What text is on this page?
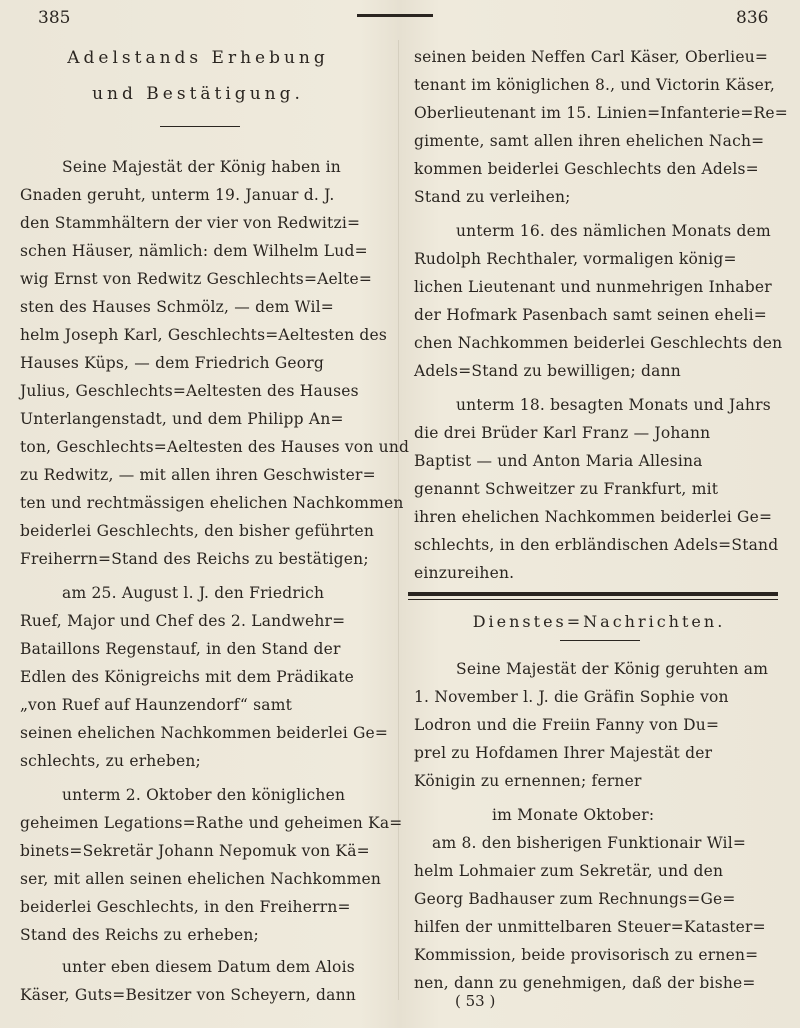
385	836
Adelstands Erhebung
und Bestätigung.
Seine Majestät der König haben in
Gnaden geruht, unterm 19. Januar d. J.
den Stammhältern der vier von Redwitzi=
schen Häuser, nämlich: dem Wilhelm Lud=
wig Ernst von Redwitz Geschlechts=Aelte=
sten des Hauses Schmölz, — dem Wil=
helm Joseph Karl, Geschlechts=Aeltesten des
Hauses Küps, — dem Friedrich Georg
Julius, Geschlechts=Aeltesten des Hauses
Unterlangenstadt, und dem Philipp An=
ton, Geschlechts=Aeltesten des Hauses von und
zu Redwitz, — mit allen ihren Geschwister=
ten und rechtmässigen ehelichen Nachkommen
beiderlei Geschlechts, den bisher geführten
Freiherrn=Stand des Reichs zu bestätigen;
am 25. August l. J. den Friedrich
Ruef, Major und Chef des 2. Landwehr=
Bataillons Regenstauf, in den Stand der
Edlen des Königreichs mit dem Prädikate
„von Ruef auf Haunzendorf“ samt
seinen ehelichen Nachkommen beiderlei Ge=
schlechts, zu erheben;
unterm 2. Oktober den königlichen
geheimen Legations=Rathe und geheimen Ka=
binets=Sekretär Johann Nepomuk von Kä=
ser, mit allen seinen ehelichen Nachkommen
beiderlei Geschlechts, in den Freiherrn=
Stand des Reichs zu erheben;
unter eben diesem Datum dem Alois
Käser, Guts=Besitzer von Scheyern, dann
seinen beiden Neffen Carl Käser, Oberlieu=
tenant im königlichen 8., und Victorin Käser,
Oberlieutenant im 15. Linien=Infanterie=Re=
gimente, samt allen ihren ehelichen Nach=
kommen beiderlei Geschlechts den Adels=
Stand zu verleihen;
unterm 16. des nämlichen Monats dem
Rudolph Rechthaler, vormaligen könig=
lichen Lieutenant und nunmehrigen Inhaber
der Hofmark Pasenbach samt seinen eheli=
chen Nachkommen beiderlei Geschlechts den
Adels=Stand zu bewilligen; dann
unterm 18. besagten Monats und Jahrs
die drei Brüder Karl Franz — Johann
Baptist — und Anton Maria Allesina
genannt Schweitzer zu Frankfurt, mit
ihren ehelichen Nachkommen beiderlei Ge=
schlechts, in den erbländischen Adels=Stand
einzureihen.
Dienstes=Nachrichten.
Seine Majestät der König geruhten am
1. November l. J. die Gräfin Sophie von
Lodron und die Freiin Fanny von Du=
prel zu Hofdamen Ihrer Majestät der
Königin zu ernennen; ferner
im Monate Oktober:
am 8. den bisherigen Funktionair Wil=
helm Lohmaier zum Sekretär, und den
Georg Badhauser zum Rechnungs=Ge=
hilfen der unmittelbaren Steuer=Kataster=
Kommission, beide provisorisch zu ernen=
nen, dann zu genehmigen, daß der bishe=
( 53 )
